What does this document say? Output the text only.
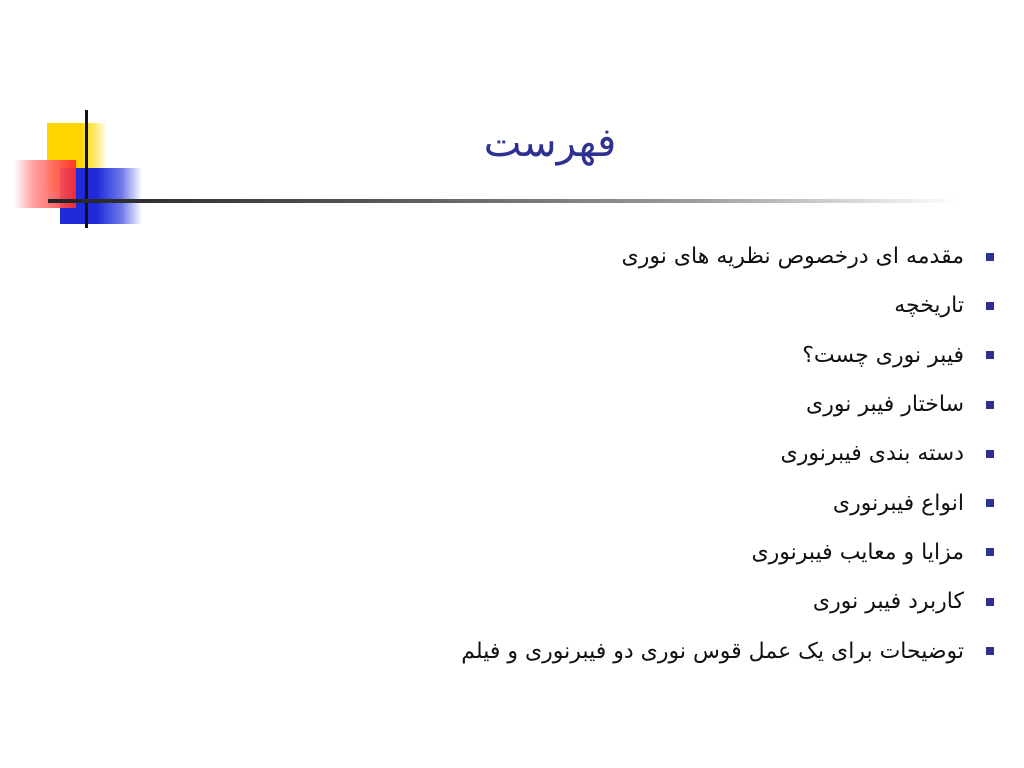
فهرست
مقدمه ای درخصوص نظریه های نوری
تاریخچه
فیبر نوری چست؟
ساختار فیبر نوری
دسته بندی فیبرنوری
انواع فیبرنوری
مزایا و معایب فیبرنوری
کاربرد فیبر نوری
توضیحات برای یک عمل قوس نوری دو فیبرنوری و فیلم
